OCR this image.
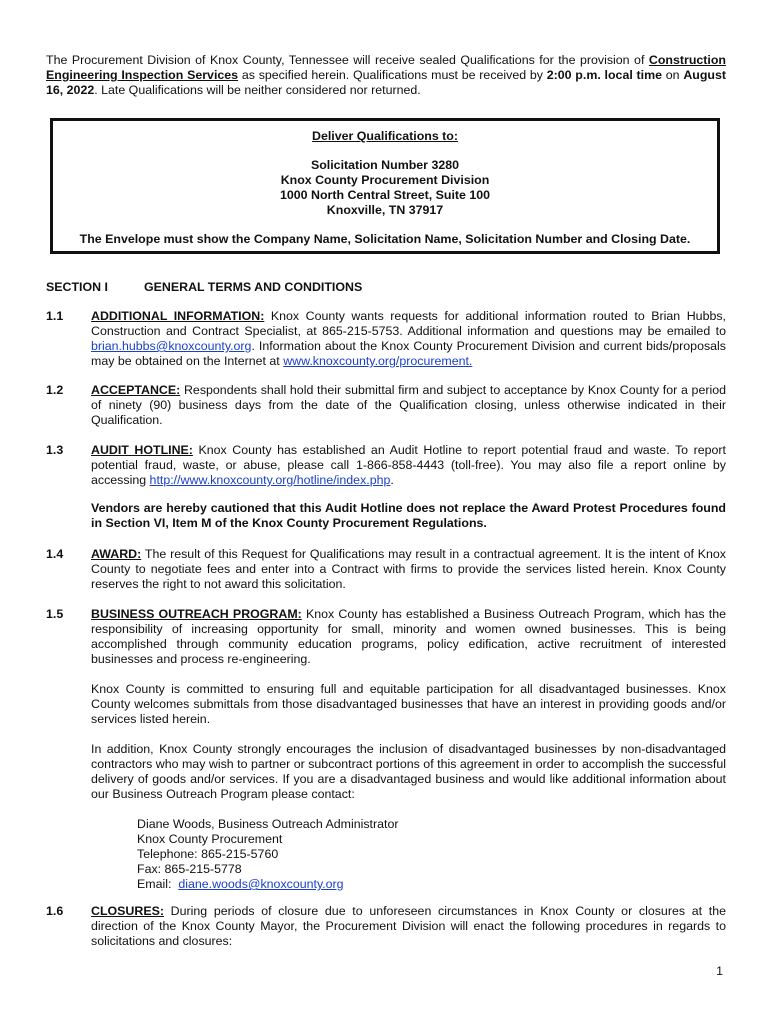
The Procurement Division of Knox County, Tennessee will receive sealed Qualifications for the provision of Construction Engineering Inspection Services as specified herein. Qualifications must be received by 2:00 p.m. local time on August 16, 2022. Late Qualifications will be neither considered nor returned.
Deliver Qualifications to:
Solicitation Number 3280
Knox County Procurement Division
1000 North Central Street, Suite 100
Knoxville, TN 37917
The Envelope must show the Company Name, Solicitation Name, Solicitation Number and Closing Date.
SECTION I	GENERAL TERMS AND CONDITIONS
1.1 ADDITIONAL INFORMATION: Knox County wants requests for additional information routed to Brian Hubbs, Construction and Contract Specialist, at 865-215-5753. Additional information and questions may be emailed to brian.hubbs@knoxcounty.org. Information about the Knox County Procurement Division and current bids/proposals may be obtained on the Internet at www.knoxcounty.org/procurement.
1.2 ACCEPTANCE: Respondents shall hold their submittal firm and subject to acceptance by Knox County for a period of ninety (90) business days from the date of the Qualification closing, unless otherwise indicated in their Qualification.
1.3 AUDIT HOTLINE: Knox County has established an Audit Hotline to report potential fraud and waste. To report potential fraud, waste, or abuse, please call 1-866-858-4443 (toll-free). You may also file a report online by accessing http://www.knoxcounty.org/hotline/index.php.

Vendors are hereby cautioned that this Audit Hotline does not replace the Award Protest Procedures found in Section VI, Item M of the Knox County Procurement Regulations.

1.4 AWARD: The result of this Request for Qualifications may result in a contractual agreement. It is the intent of Knox County to negotiate fees and enter into a Contract with firms to provide the services listed herein. Knox County reserves the right to not award this solicitation.
1.5 BUSINESS OUTREACH PROGRAM: Knox County has established a Business Outreach Program, which has the responsibility of increasing opportunity for small, minority and women owned businesses. This is being accomplished through community education programs, policy edification, active recruitment of interested businesses and process re-engineering.

Knox County is committed to ensuring full and equitable participation for all disadvantaged businesses. Knox County welcomes submittals from those disadvantaged businesses that have an interest in providing goods and/or services listed herein.

In addition, Knox County strongly encourages the inclusion of disadvantaged businesses by non-disadvantaged contractors who may wish to partner or subcontract portions of this agreement in order to accomplish the successful delivery of goods and/or services. If you are a disadvantaged business and would like additional information about our Business Outreach Program please contact:

Diane Woods, Business Outreach Administrator
Knox County Procurement
Telephone: 865-215-5760
Fax: 865-215-5778
Email:  diane.woods@knoxcounty.org
1.6 CLOSURES: During periods of closure due to unforeseen circumstances in Knox County or closures at the direction of the Knox County Mayor, the Procurement Division will enact the following procedures in regards to solicitations and closures:
1
